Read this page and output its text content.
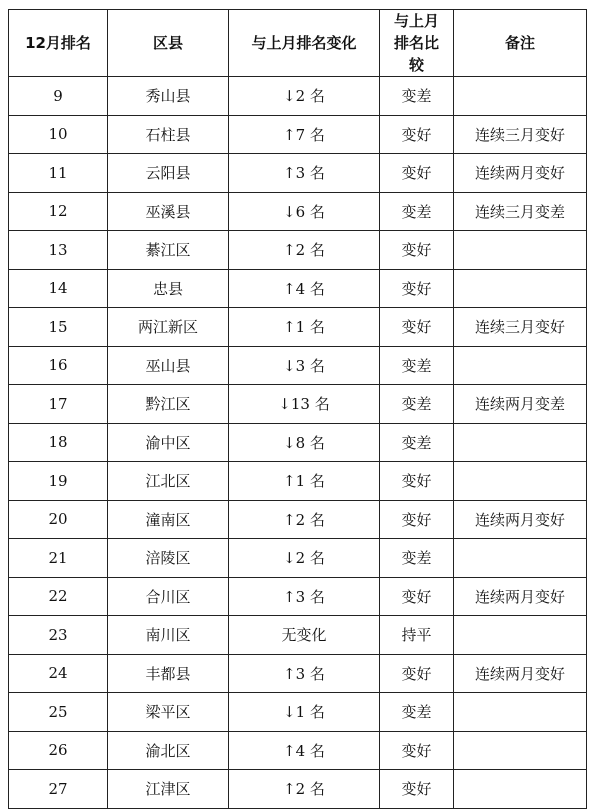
12月排名	区县	与上月排名变化	与上月排名比较	备注
9	秀山县	↓2 名	变差	
10	石柱县	↑7 名	变好	连续三月变好
11	云阳县	↑3 名	变好	连续两月变好
12	巫溪县	↓6 名	变差	连续三月变差
13	綦江区	↑2 名	变好	
14	忠县	↑4 名	变好	
15	两江新区	↑1 名	变好	连续三月变好
16	巫山县	↓3 名	变差	
17	黔江区	↓13 名	变差	连续两月变差
18	渝中区	↓8 名	变差	
19	江北区	↑1 名	变好	
20	潼南区	↑2 名	变好	连续两月变好
21	涪陵区	↓2 名	变差	
22	合川区	↑3 名	变好	连续两月变好
23	南川区	无变化	持平	
24	丰都县	↑3 名	变好	连续两月变好
25	梁平区	↓1 名	变差	
26	渝北区	↑4 名	变好	
27	江津区	↑2 名	变好	
